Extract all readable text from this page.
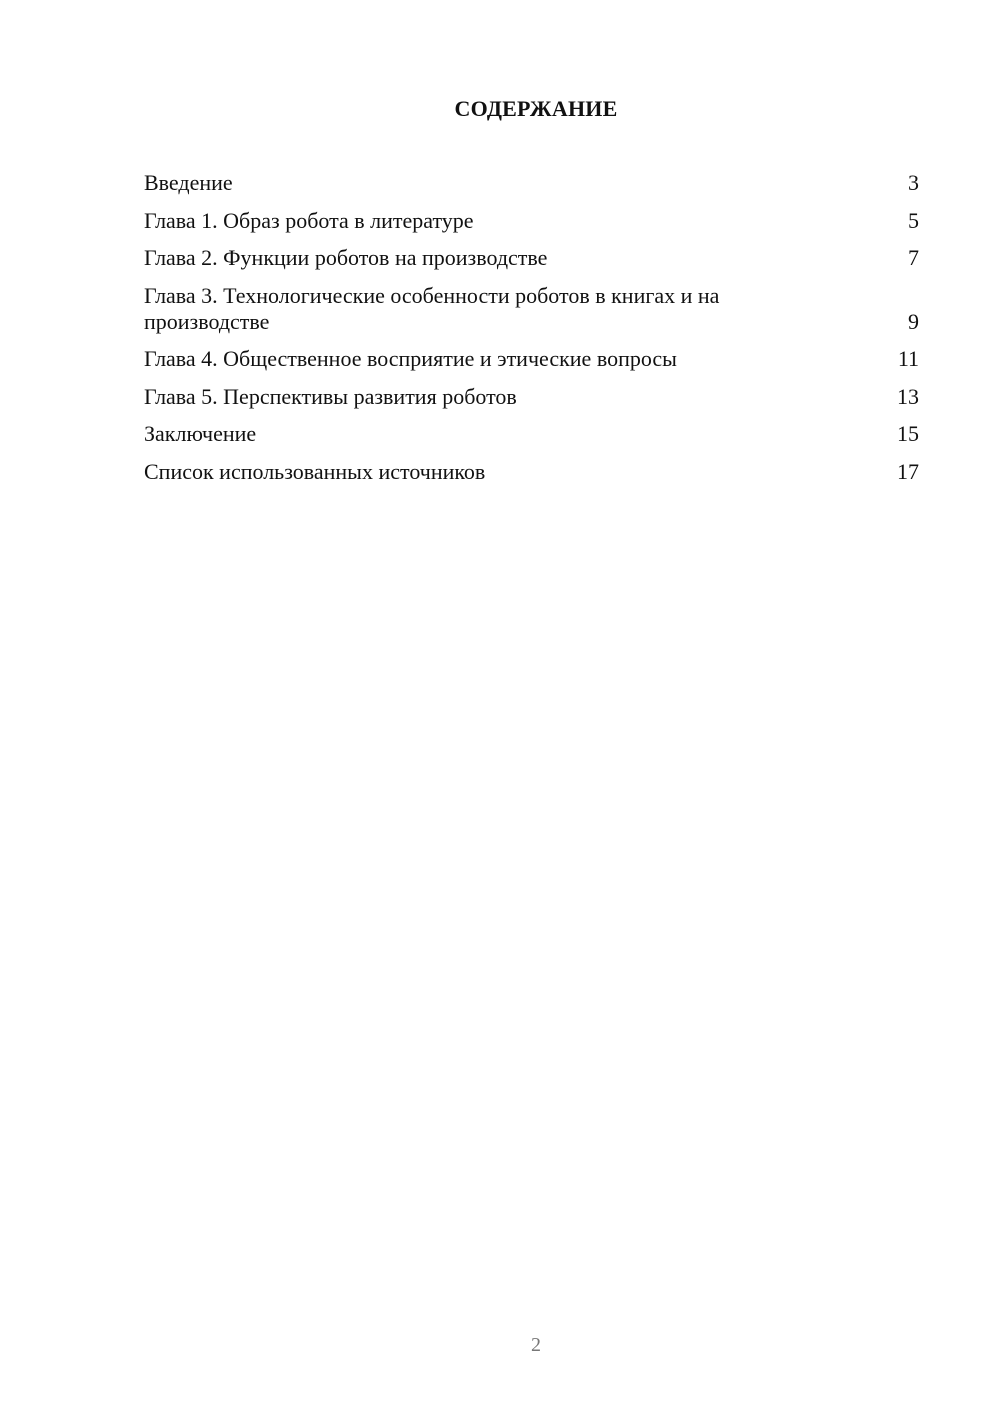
СОДЕРЖАНИЕ
Введение	3
Глава 1. Образ робота в литературе	5
Глава 2. Функции роботов на производстве	7
Глава 3. Технологические особенности роботов в книгах и на производстве	9
Глава 4. Общественное восприятие и этические вопросы	11
Глава 5. Перспективы развития роботов	13
Заключение	15
Список использованных источников	17
2
